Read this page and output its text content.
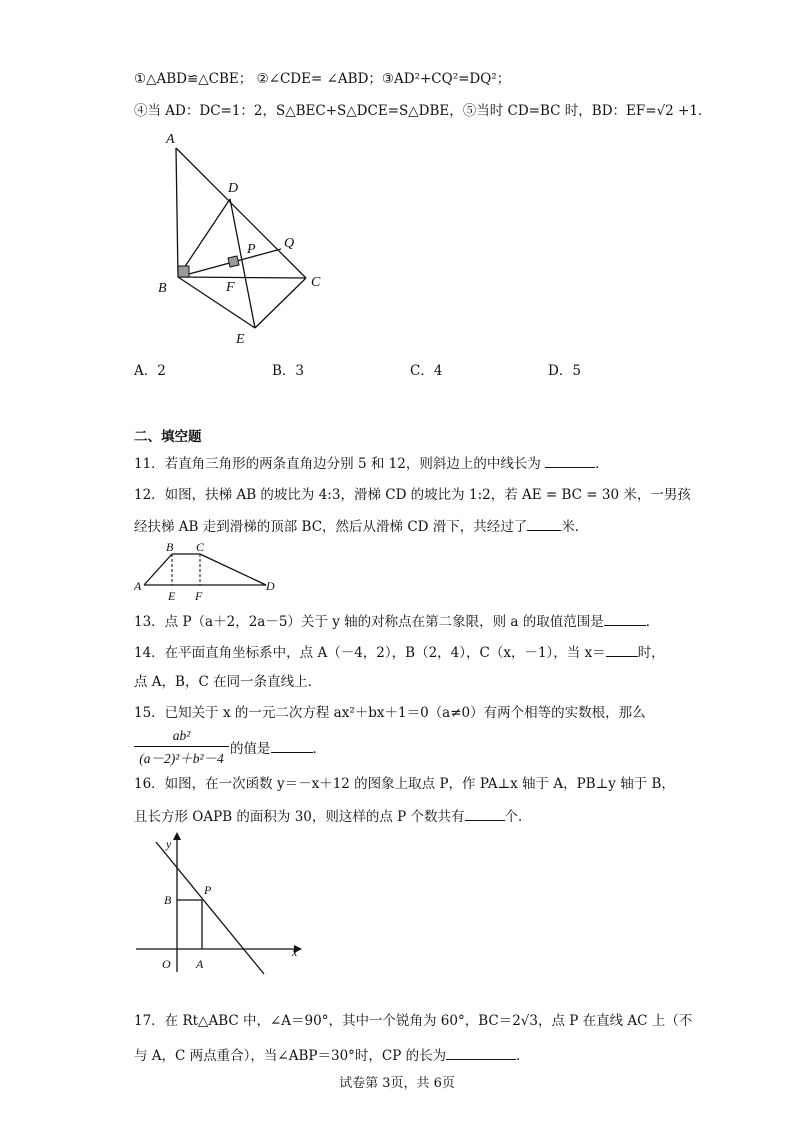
①△ABD≌△CBE； ②∠CDE= ∠ABD；③AD²+CQ²=DQ²；
④当 AD：DC=1：2，S△BEC+S△DCE=S△DBE，⑤当时 CD=BC 时，BD：EF=√2 +1．
A
B	C
D
E
F
P Q
A．2	B．3	C．4	D．5
二、填空题
11．若直角三角形的两条直角边分别 5 和 12，则斜边上的中线长为	．
12．如图，扶梯 AB 的坡比为 4:3，滑梯 CD 的坡比为 1:2，若 AE = BC = 30 米，一男孩
经扶梯 AB 走到滑梯的顶部 BC，然后从滑梯 CD 滑下，共经过了	米．
A
B C
D
E F
13．点 P（a＋2，2a－5）关于 y 轴的对称点在第二象限，则 a 的取值范围是	．
14．在平面直角坐标系中，点 A（－4，2），B（2，4），C（x，－1），当 x＝ 时，
点 A，B，C 在同一条直线上．
15．已知关于 x 的一元二次方程 ax²＋bx＋1＝0（a≠0）有两个相等的实数根，那么
ab²
(a－2)²＋b²－4
的值是	．
16．如图，在一次函数 y＝－x＋12 的图象上取点 P，作 PA⊥x 轴于 A，PB⊥y 轴于 B，
且长方形 OAPB 的面积为 30，则这样的点 P 个数共有	个．
y
x
O A
B
P
17．在 Rt△ABC 中，∠A＝90°，其中一个锐角为 60°，BC＝2√3，点 P 在直线 AC 上（不
与 A，C 两点重合），当∠ABP＝30°时，CP 的长为	．
试卷第 3页，共 6页
